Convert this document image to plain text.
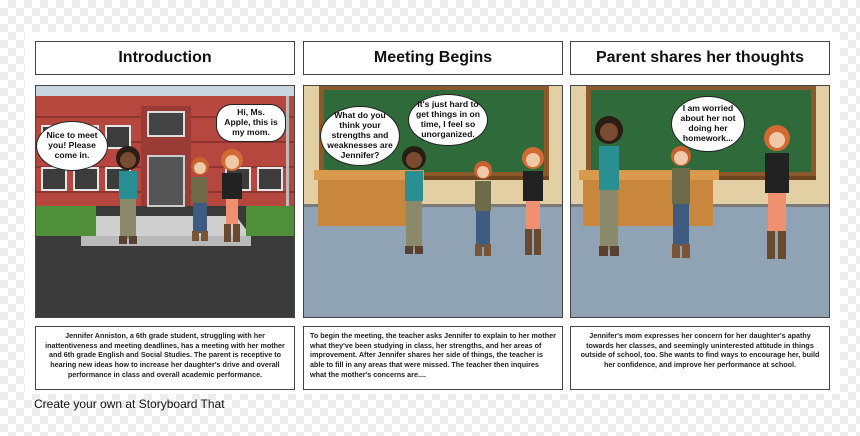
Introduction
Nice to meet you! Please come in.
Hi, Ms. Apple, this is my mom.
Jennifer Anniston, a 6th grade student, struggling with her inattentiveness and meeting deadlines, has a meeting with her mother and 6th grade English and Social Studies. The parent is receptive to hearing new ideas how to increase her daughter's drive and overall performance in class and overall academic performance.
Meeting Begins
What do you think your strengths and weaknesses are Jennifer?
It's just hard to get things in on time, I feel so unorganized.
To begin the meeting, the teacher asks Jennifer to explain to her mother what they've been studying in class, her strengths, and her areas of improvement. After Jennifer shares her side of things, the teacher is able to fill in any areas that were missed. The teacher then inquires what the mother's concerns are....
Parent shares her thoughts
I am worried about her not doing her homework...
Jennifer's mom expresses her concern for her daughter's apathy towards her classes, and seemingly uninterested attitude in things outside of school, too. She wants to find ways to encourage her, build her confidence, and improve her performance at school.
Create your own at Storyboard That
